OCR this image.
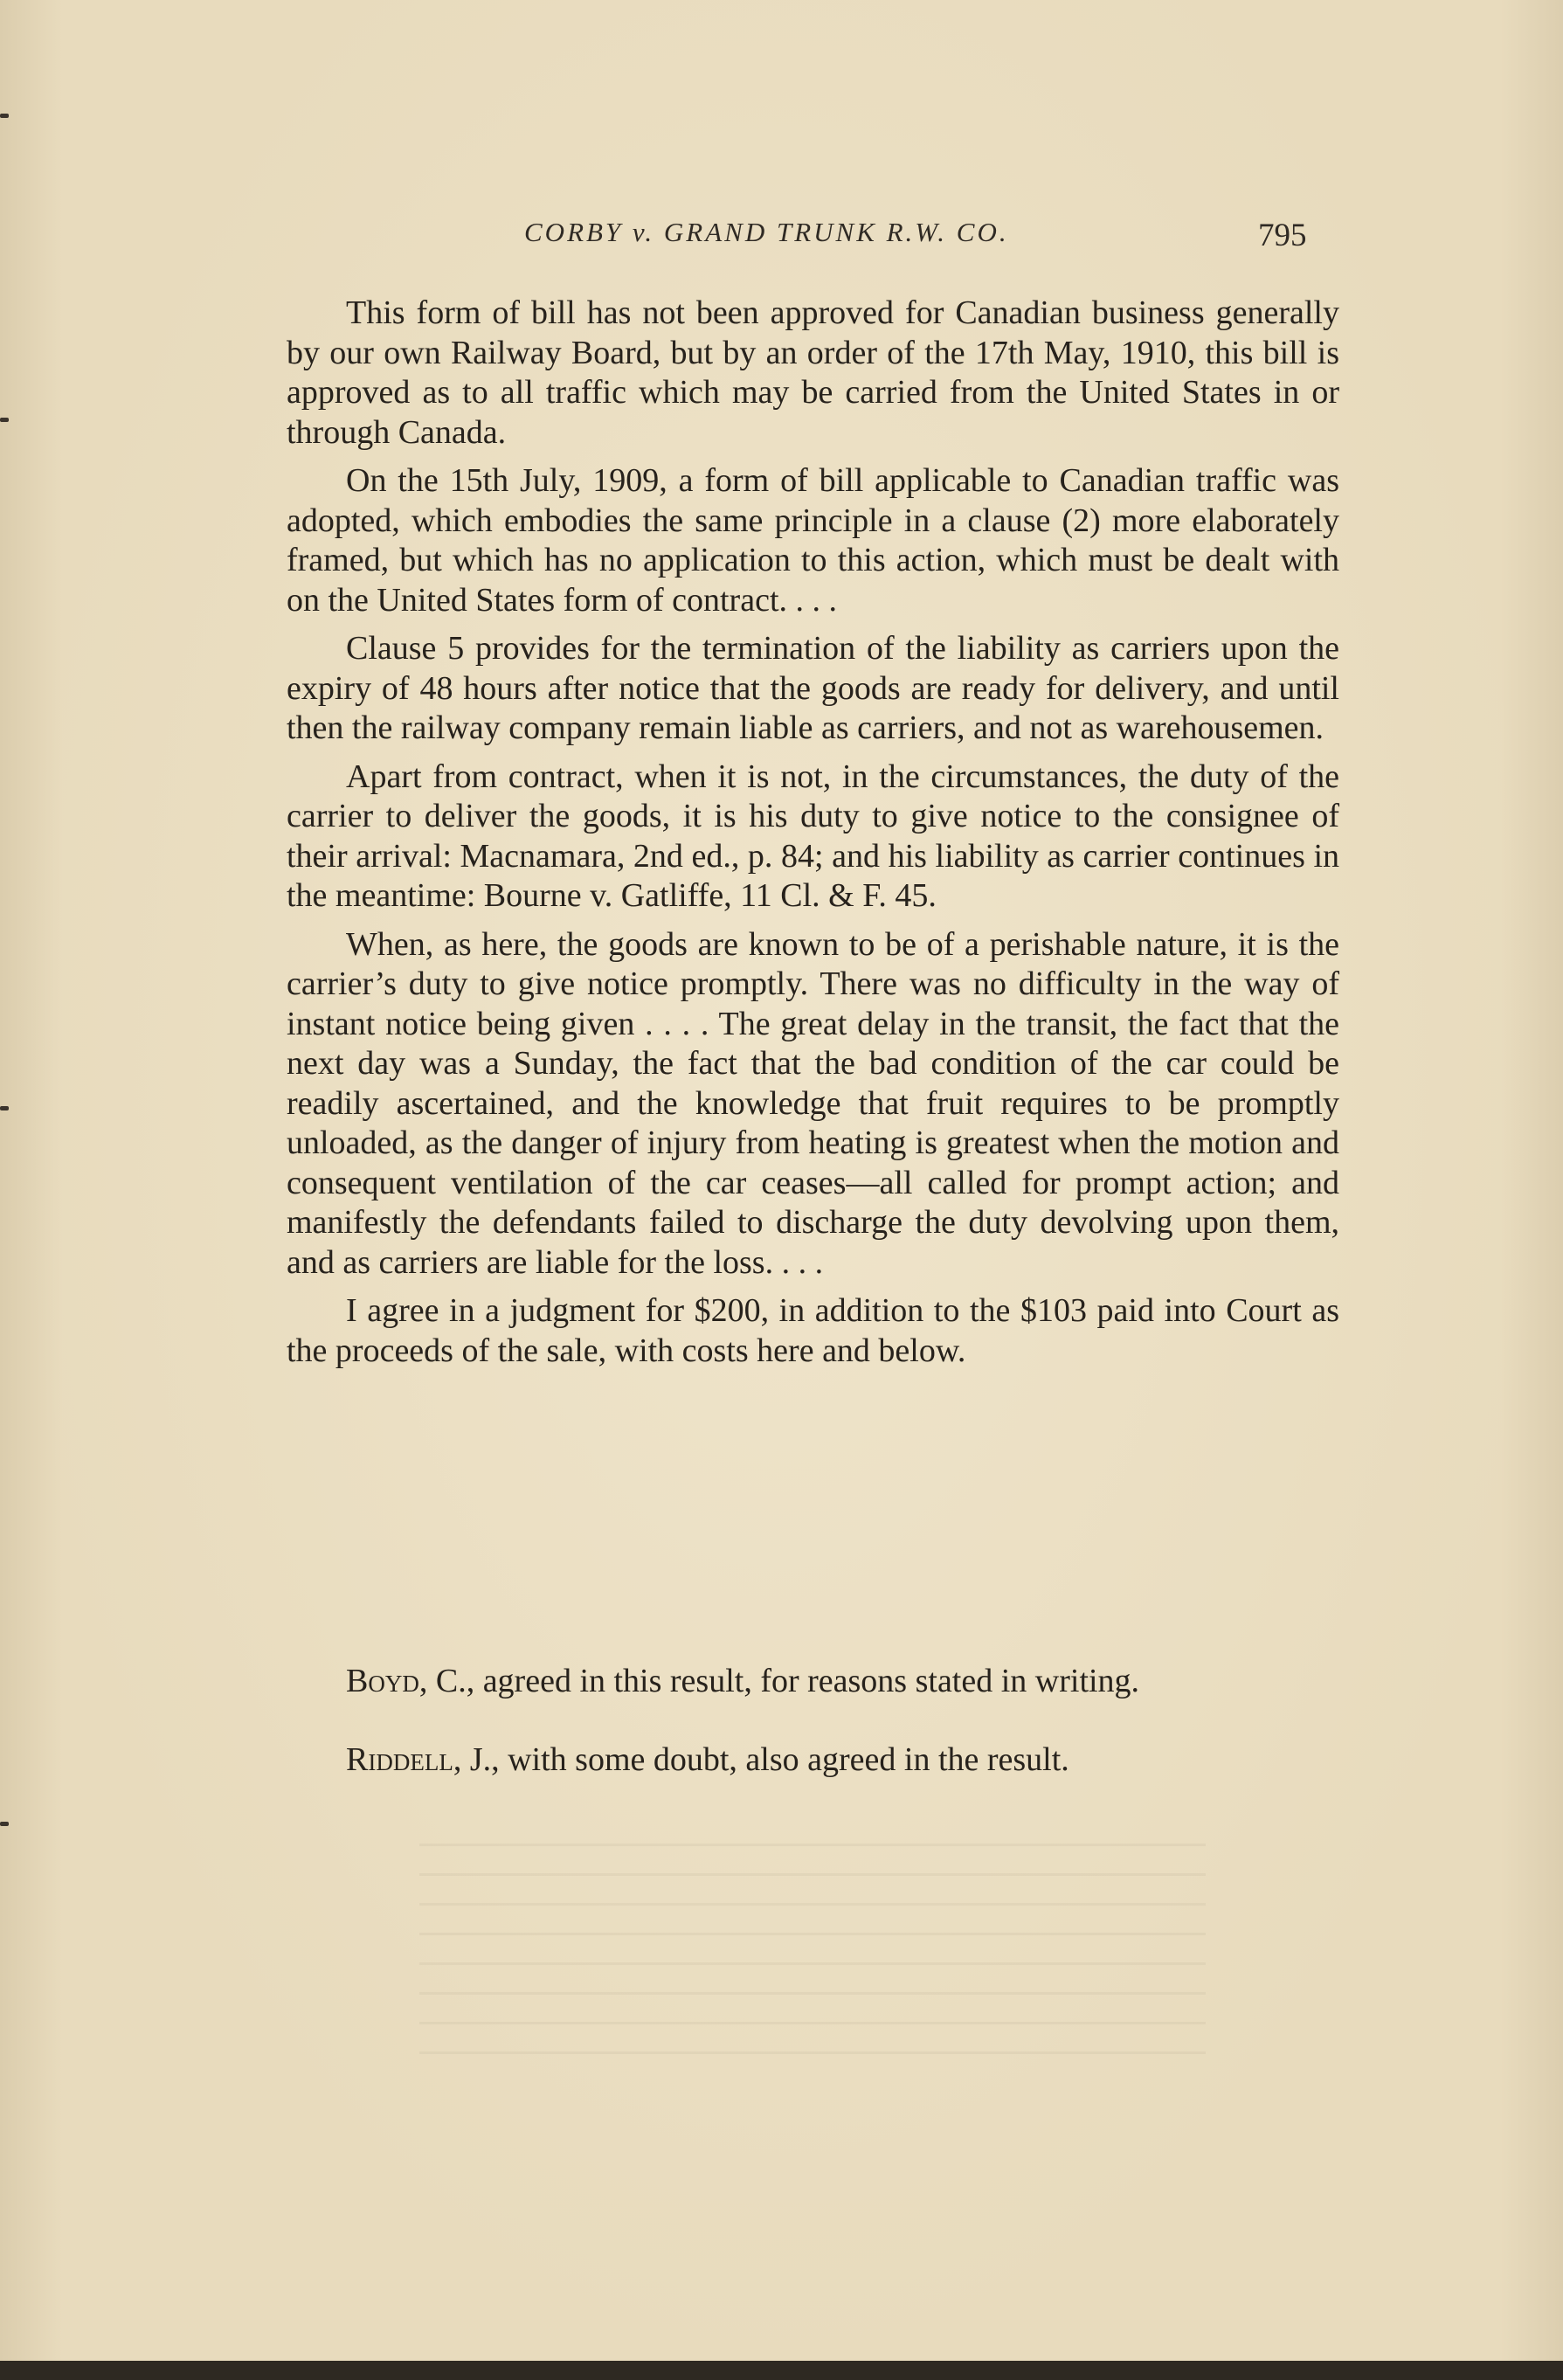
CORBY v. GRAND TRUNK R.W. CO.	795

This form of bill has not been approved for Canadian business generally by our own Railway Board, but by an order of the 17th May, 1910, this bill is approved as to all traffic which may be carried from the United States in or through Canada.

On the 15th July, 1909, a form of bill applicable to Canadian traffic was adopted, which embodies the same principle in a clause (2) more elaborately framed, but which has no application to this action, which must be dealt with on the United States form of contract. . . .

Clause 5 provides for the termination of the liability as carriers upon the expiry of 48 hours after notice that the goods are ready for delivery, and until then the railway company remain liable as carriers, and not as warehousemen.

Apart from contract, when it is not, in the circumstances, the duty of the carrier to deliver the goods, it is his duty to give notice to the consignee of their arrival: Macnamara, 2nd ed., p. 84; and his liability as carrier continues in the meantime: Bourne v. Gatliffe, 11 Cl. & F. 45.

When, as here, the goods are known to be of a perishable nature, it is the carrier’s duty to give notice promptly. There was no difficulty in the way of instant notice being given . . . . The great delay in the transit, the fact that the next day was a Sunday, the fact that the bad condition of the car could be readily ascertained, and the knowledge that fruit requires to be promptly unloaded, as the danger of injury from heating is greatest when the motion and consequent ventilation of the car ceases—all called for prompt action; and manifestly the defendants failed to discharge the duty devolving upon them, and as carriers are liable for the loss. . . .

I agree in a judgment for $200, in addition to the $103 paid into Court as the proceeds of the sale, with costs here and below.

Boyd, C., agreed in this result, for reasons stated in writing.

Riddell, J., with some doubt, also agreed in the result.
